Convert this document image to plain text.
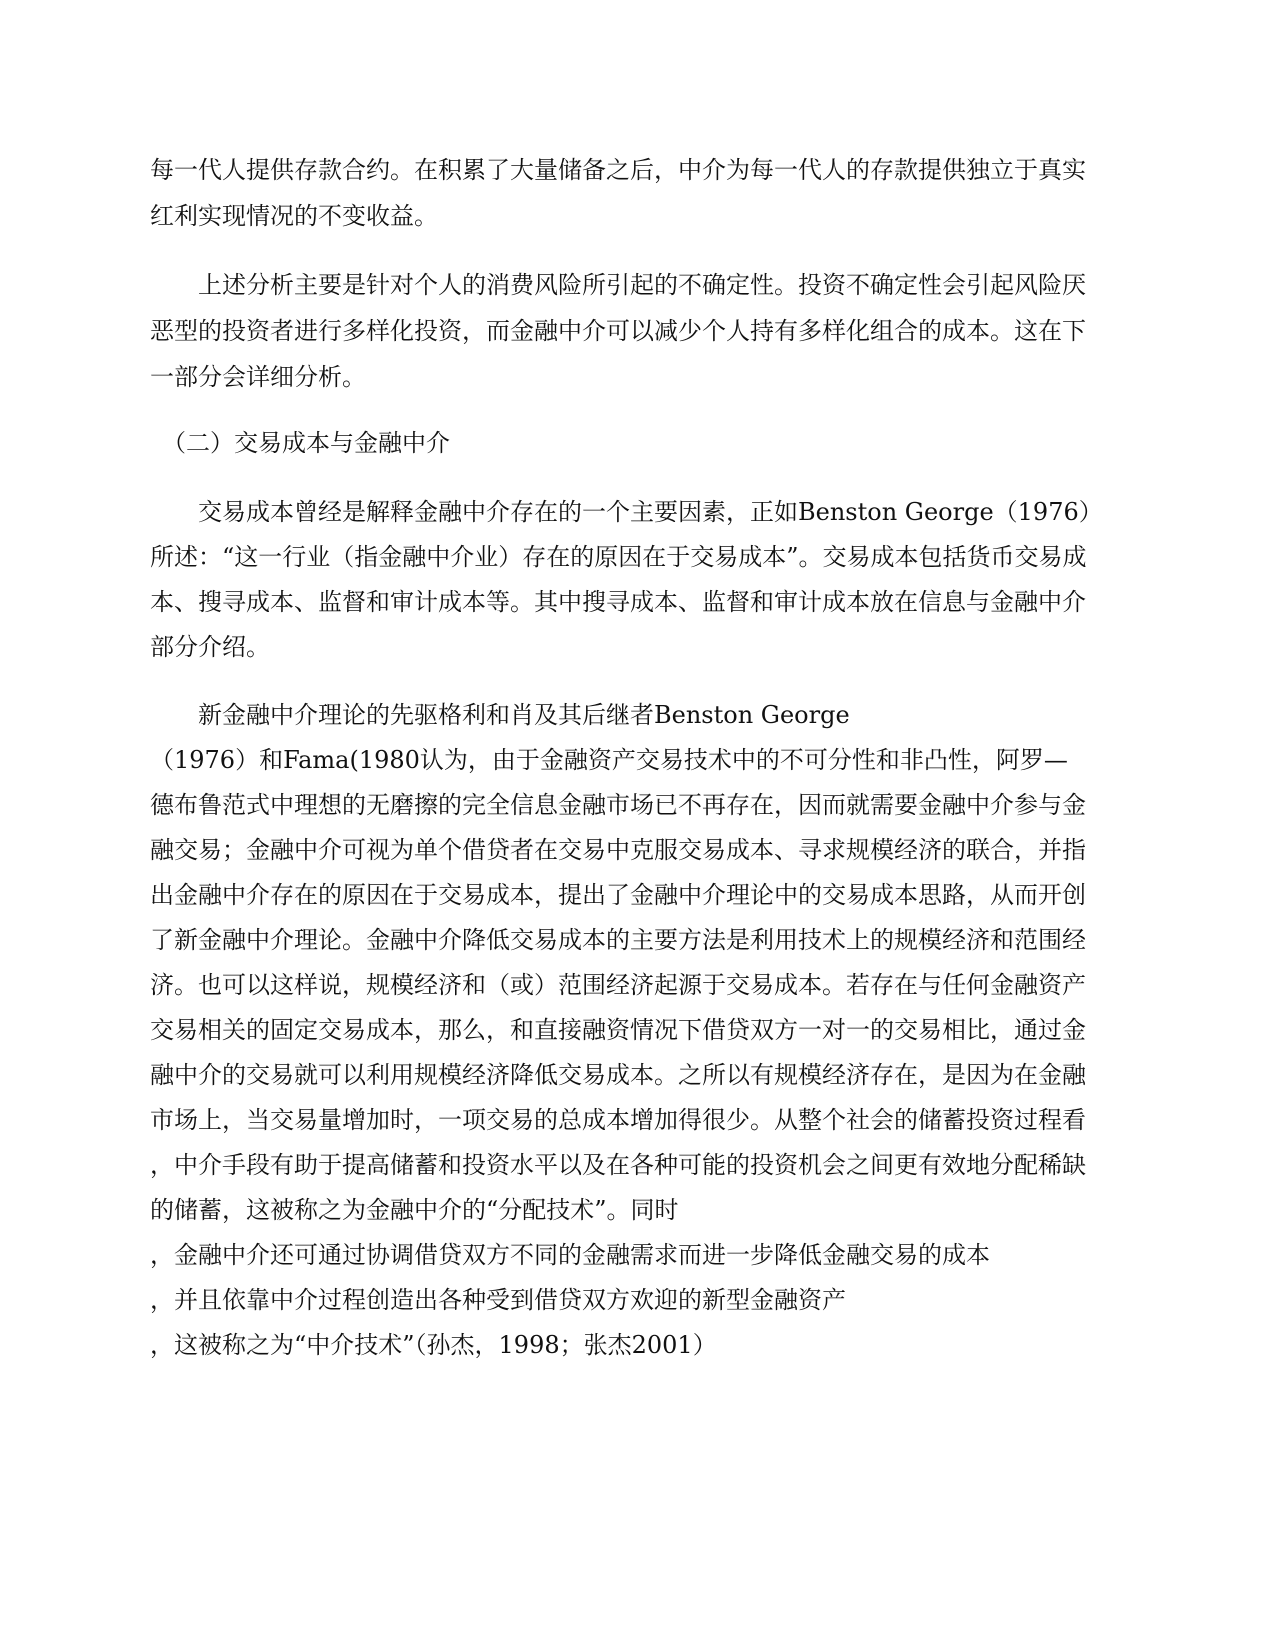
每一代人提供存款合约。在积累了大量储备之后，中介为每一代人的存款提供独立于真实
红利实现情况的不变收益。
　　上述分析主要是针对个人的消费风险所引起的不确定性。投资不确定性会引起风险厌
恶型的投资者进行多样化投资，而金融中介可以减少个人持有多样化组合的成本。这在下
一部分会详细分析。
　（二）交易成本与金融中介
　　交易成本曾经是解释金融中介存在的一个主要因素，正如Benston George（1976）
所述：“这一行业（指金融中介业）存在的原因在于交易成本”。交易成本包括货币交易成
本、搜寻成本、监督和审计成本等。其中搜寻成本、监督和审计成本放在信息与金融中介
部分介绍。
　　新金融中介理论的先驱格利和肖及其后继者Benston George
（1976）和Fama(1980认为，由于金融资产交易技术中的不可分性和非凸性，阿罗—
德布鲁范式中理想的无磨擦的完全信息金融市场已不再存在，因而就需要金融中介参与金
融交易；金融中介可视为单个借贷者在交易中克服交易成本、寻求规模经济的联合，并指
出金融中介存在的原因在于交易成本，提出了金融中介理论中的交易成本思路，从而开创
了新金融中介理论。金融中介降低交易成本的主要方法是利用技术上的规模经济和范围经
济。也可以这样说，规模经济和（或）范围经济起源于交易成本。若存在与任何金融资产
交易相关的固定交易成本，那么，和直接融资情况下借贷双方一对一的交易相比，通过金
融中介的交易就可以利用规模经济降低交易成本。之所以有规模经济存在，是因为在金融
市场上，当交易量增加时，一项交易的总成本增加得很少。从整个社会的储蓄投资过程看
，中介手段有助于提高储蓄和投资水平以及在各种可能的投资机会之间更有效地分配稀缺
的储蓄，这被称之为金融中介的“分配技术”。同时
，金融中介还可通过协调借贷双方不同的金融需求而进一步降低金融交易的成本
，并且依靠中介过程创造出各种受到借贷双方欢迎的新型金融资产
，这被称之为“中介技术”（孙杰，1998；张杰2001）
